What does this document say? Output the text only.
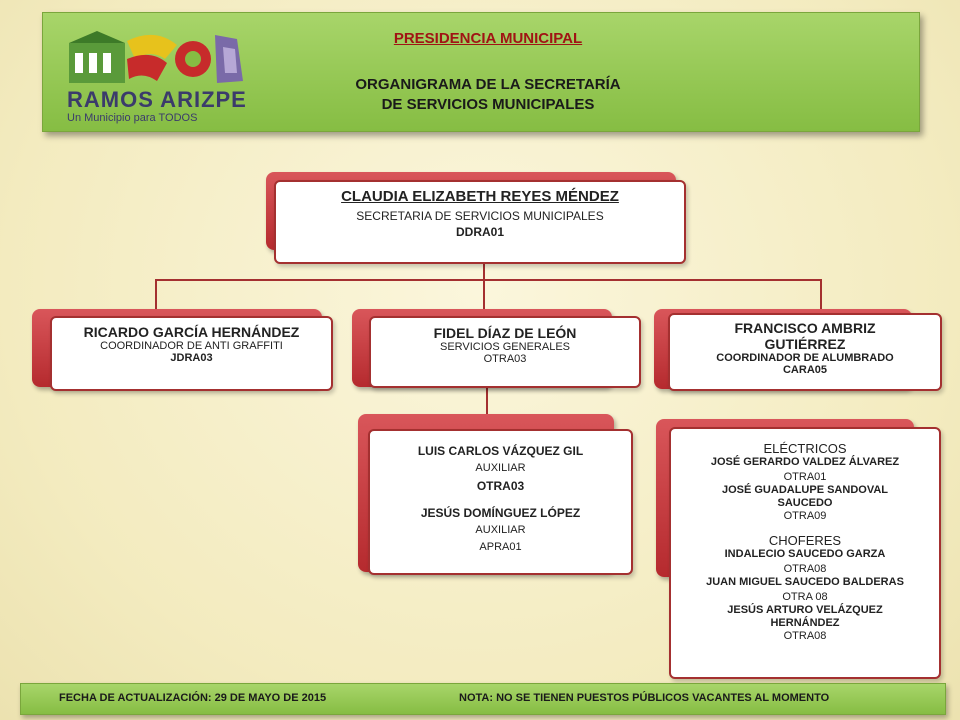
RAMOS ARIZPE
Un Municipio para TODOS
PRESIDENCIA MUNICIPAL
ORGANIGRAMA DE LA SECRETARÍA
DE SERVICIOS MUNICIPALES
CLAUDIA ELIZABETH REYES MÉNDEZ
SECRETARIA DE SERVICIOS MUNICIPALES
DDRA01
RICARDO GARCÍA HERNÁNDEZ
COORDINADOR DE ANTI GRAFFITI
JDRA03
FIDEL DÍAZ DE LEÓN
SERVICIOS GENERALES
OTRA03
LUIS CARLOS VÁZQUEZ GIL
AUXILIAR
OTRA03
JESÚS DOMÍNGUEZ LÓPEZ
AUXILIAR
APRA01
FRANCISCO AMBRIZ
GUTIÉRREZ
COORDINADOR DE ALUMBRADO
CARA05
ELÉCTRICOS
JOSÉ GERARDO VALDEZ ÁLVAREZ
OTRA01
JOSÉ GUADALUPE SANDOVAL
SAUCEDO
OTRA09
CHOFERES
INDALECIO SAUCEDO GARZA
OTRA08
JUAN MIGUEL SAUCEDO BALDERAS
OTRA 08
JESÚS ARTURO VELÁZQUEZ
HERNÁNDEZ
OTRA08
FECHA DE ACTUALIZACIÓN: 29 DE MAYO DE 2015	NOTA: NO SE TIENEN PUESTOS PÚBLICOS VACANTES AL MOMENTO
